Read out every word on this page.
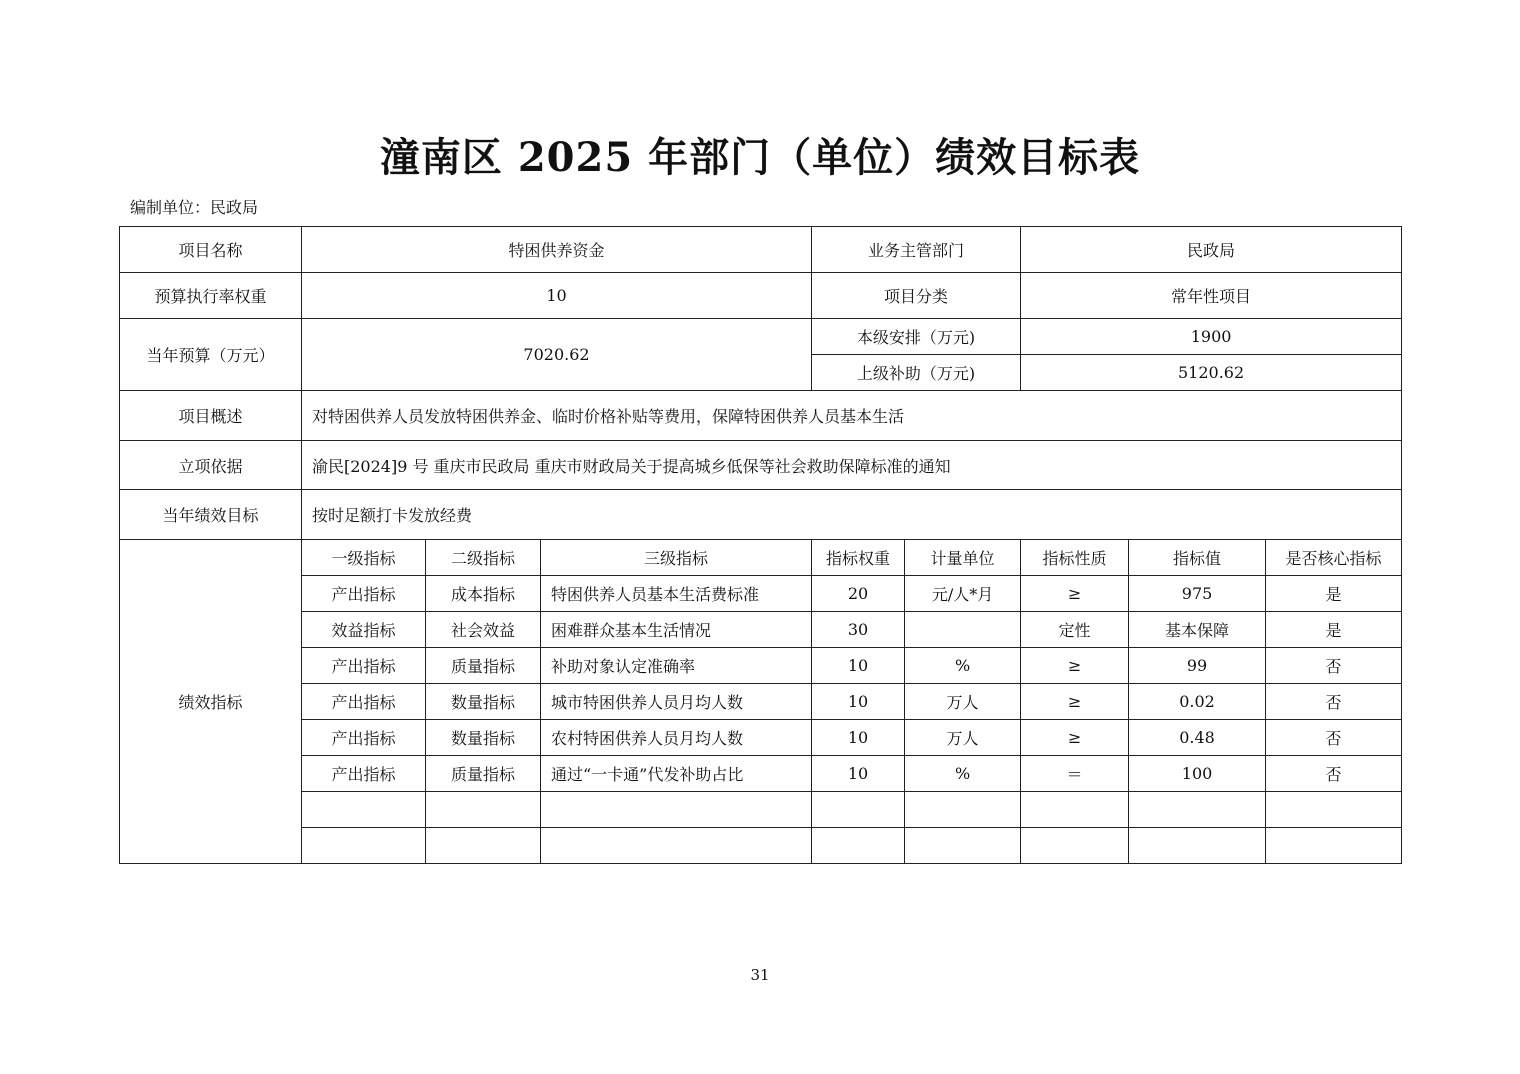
潼南区 2025 年部门（单位）绩效目标表
编制单位：民政局
项目名称	特困供养资金			业务主管部门		民政局		
预算执行率权重	10			项目分类		常年性项目		
当年预算（万元）	7020.62			本级安排（万元)		1900		
				上级补助（万元)		5120.62		
项目概述	对特困供养人员发放特困供养金、临时价格补贴等费用，保障特困供养人员基本生活							
立项依据	渝民[2024]9 号 重庆市民政局 重庆市财政局关于提高城乡低保等社会救助保障标准的通知							
当年绩效目标	按时足额打卡发放经费							
绩效指标	一级指标	二级指标	三级指标	指标权重	计量单位	指标性质	指标值	是否核心指标
	产出指标	成本指标	特困供养人员基本生活费标准	20	元/人*月	≥	975	是
	效益指标	社会效益	困难群众基本生活情况	30		定性	基本保障	是
	产出指标	质量指标	补助对象认定准确率	10	%	≥	99	否
	产出指标	数量指标	城市特困供养人员月均人数	10	万人	≥	0.02	否
	产出指标	数量指标	农村特困供养人员月均人数	10	万人	≥	0.48	否
	产出指标	质量指标	通过“一卡通”代发补助占比	10	%	＝	100	否

31
